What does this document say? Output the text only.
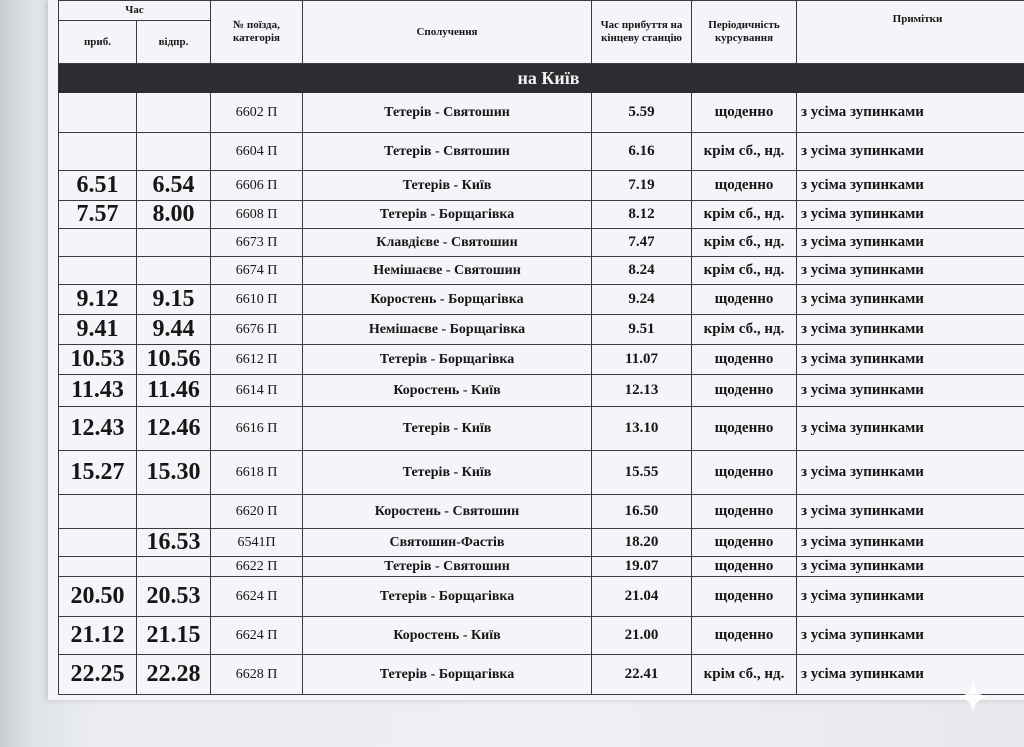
Час		№ поїзда, категорія	Сполучення	Час прибуття на кінцеву станцію	Періодичність курсування	Примітки
приб.	відпр.					
на Київ						
		6602 П	Тетерів - Святошин	5.59	щоденно	з усіма зупинками
		6604 П	Тетерів - Святошин	6.16	крім сб., нд.	з усіма зупинками
6.51	6.54	6606 П	Тетерів - Київ	7.19	щоденно	з усіма зупинками
7.57	8.00	6608 П	Тетерів - Борщагівка	8.12	крім сб., нд.	з усіма зупинками
		6673 П	Клавдієве - Святошин	7.47	крім сб., нд.	з усіма зупинками
		6674 П	Немішаєве - Святошин	8.24	крім сб., нд.	з усіма зупинками
9.12	9.15	6610 П	Коростень - Борщагівка	9.24	щоденно	з усіма зупинками
9.41	9.44	6676 П	Немішаєве - Борщагівка	9.51	крім сб., нд.	з усіма зупинками
10.53	10.56	6612 П	Тетерів - Борщагівка	11.07	щоденно	з усіма зупинками
11.43	11.46	6614 П	Коростень - Київ	12.13	щоденно	з усіма зупинками
12.43	12.46	6616 П	Тетерів - Київ	13.10	щоденно	з усіма зупинками
15.27	15.30	6618 П	Тетерів - Київ	15.55	щоденно	з усіма зупинками
		6620 П	Коростень - Святошин	16.50	щоденно	з усіма зупинками
	16.53	6541П	Святошин-Фастів	18.20	щоденно	з усіма зупинками
		6622 П	Тетерів - Святошин	19.07	щоденно	з усіма зупинками
20.50	20.53	6624 П	Тетерів - Борщагівка	21.04	щоденно	з усіма зупинками
21.12	21.15	6624 П	Коростень - Київ	21.00	щоденно	з усіма зупинками
22.25	22.28	6628 П	Тетерів - Борщагівка	22.41	крім сб., нд.	з усіма зупинками
